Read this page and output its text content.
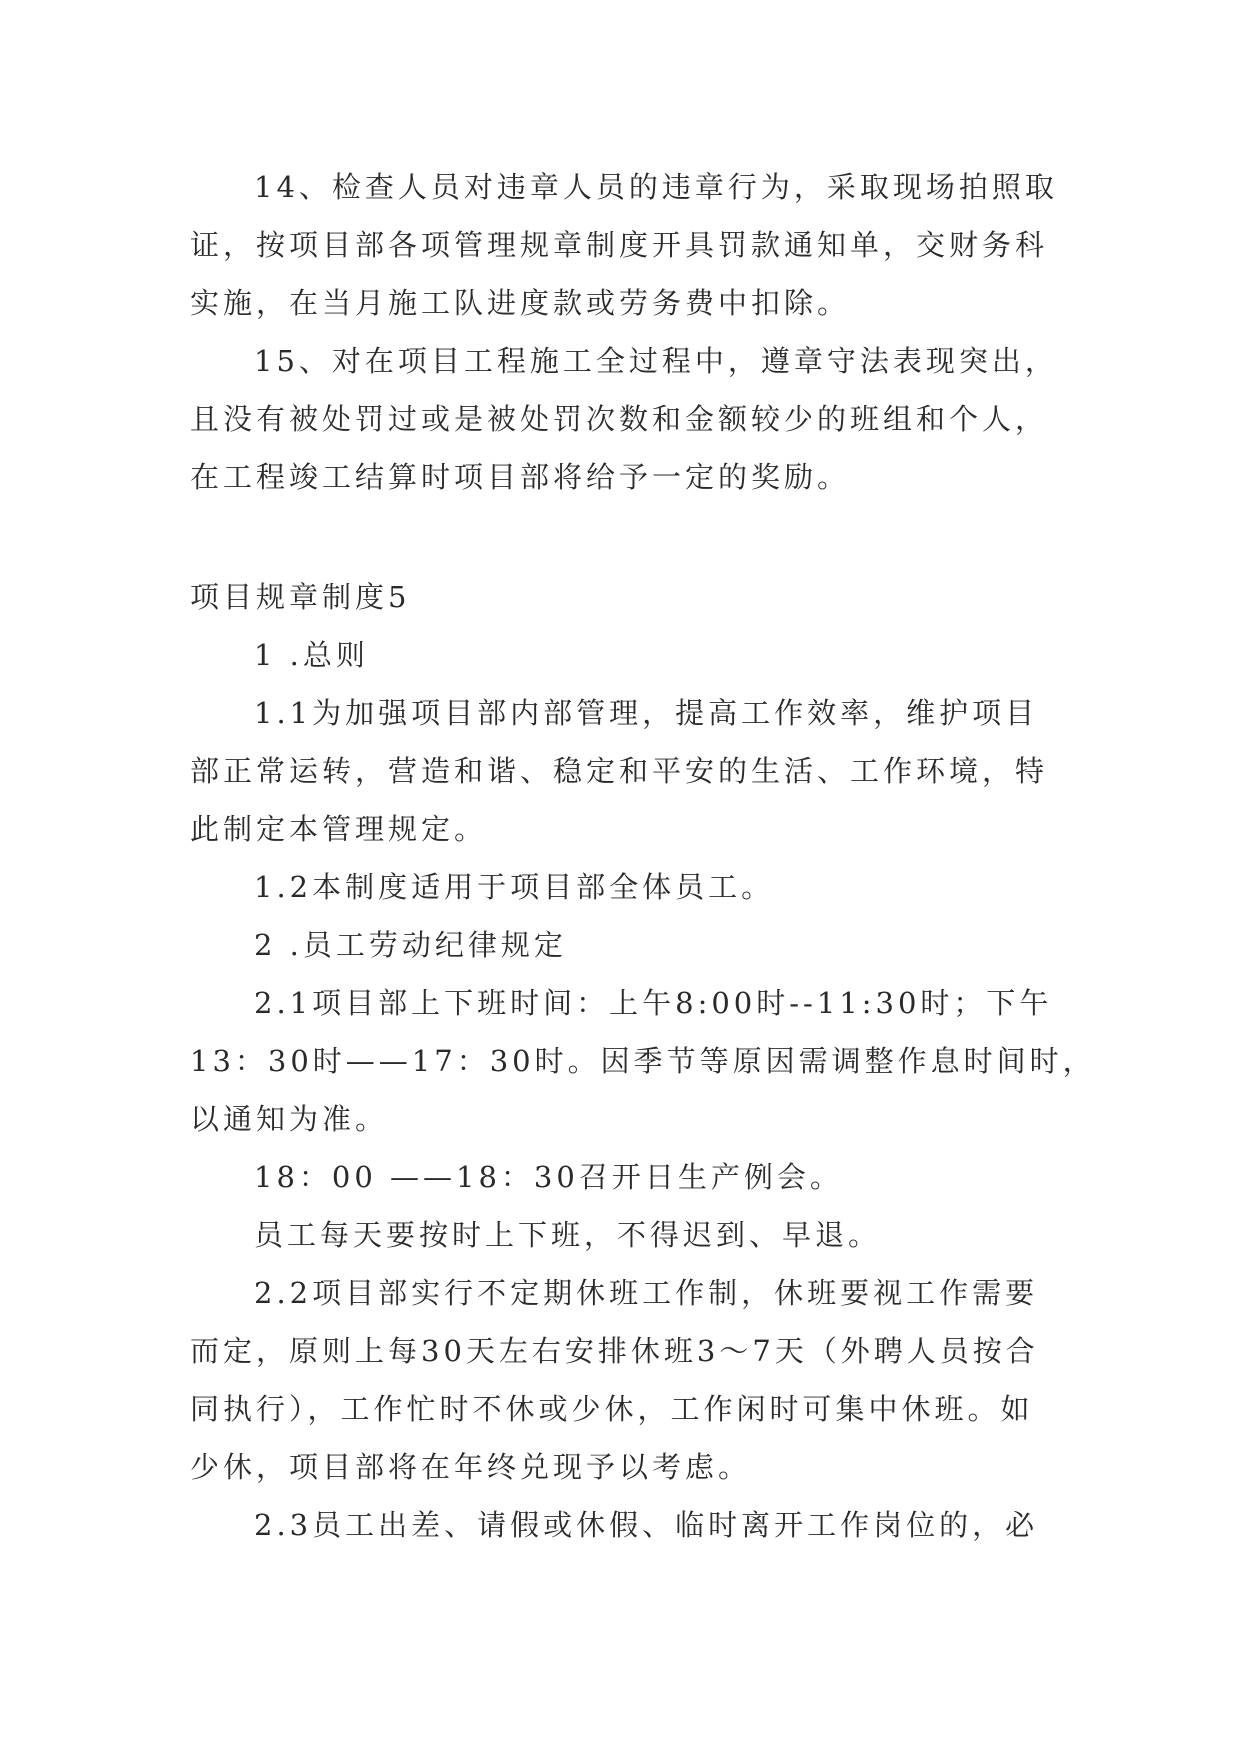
14、检查人员对违章人员的违章行为，采取现场拍照取
证，按项目部各项管理规章制度开具罚款通知单，交财务科
实施，在当月施工队进度款或劳务费中扣除。
15、对在项目工程施工全过程中，遵章守法表现突出，
且没有被处罚过或是被处罚次数和金额较少的班组和个人，
在工程竣工结算时项目部将给予一定的奖励。
项目规章制度5
1 .总则
1.1为加强项目部内部管理，提高工作效率，维护项目
部正常运转，营造和谐、稳定和平安的生活、工作环境，特
此制定本管理规定。
1.2本制度适用于项目部全体员工。
2 .员工劳动纪律规定
2.1项目部上下班时间：上午8:00时--11:30时；下午
13：30时——17：30时。因季节等原因需调整作息时间时，
以通知为准。
18：00 ——18：30召开日生产例会。
员工每天要按时上下班，不得迟到、早退。
2.2项目部实行不定期休班工作制，休班要视工作需要
而定，原则上每30天左右安排休班3～7天（外聘人员按合
同执行），工作忙时不休或少休，工作闲时可集中休班。如
少休，项目部将在年终兑现予以考虑。
2.3员工出差、请假或休假、临时离开工作岗位的，必
